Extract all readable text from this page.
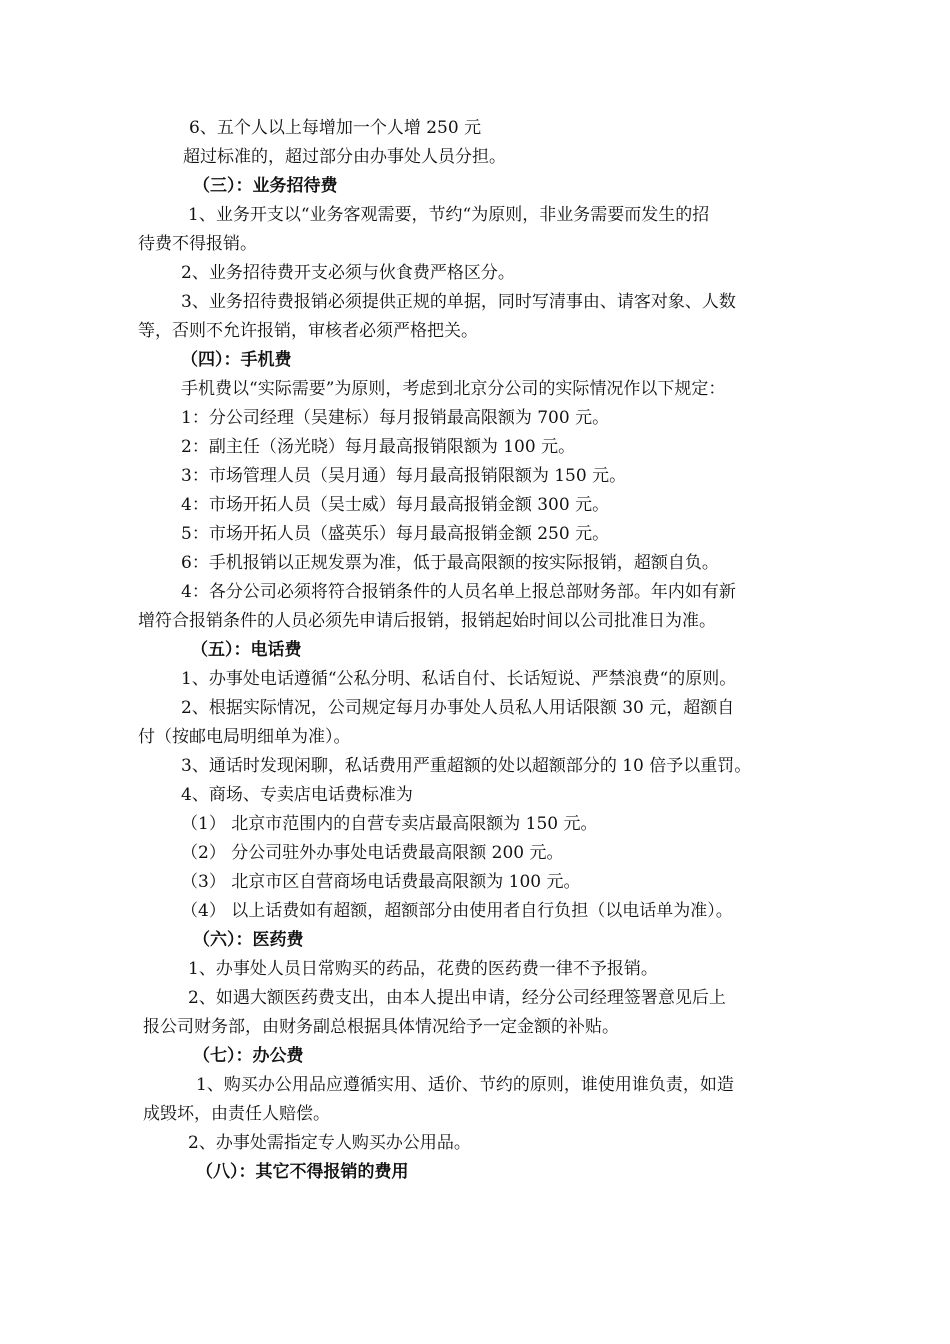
6、五个人以上每增加一个人增 250 元
超过标准的，超过部分由办事处人员分担。
（三）：业务招待费
1、业务开支以“业务客观需要，节约“为原则，非业务需要而发生的招
待费不得报销。
2、业务招待费开支必须与伙食费严格区分。
3、业务招待费报销必须提供正规的单据，同时写清事由、请客对象、人数
等，否则不允许报销，审核者必须严格把关。
（四）：手机费
手机费以“实际需要”为原则，考虑到北京分公司的实际情况作以下规定：
1：分公司经理（吴建标）每月报销最高限额为 700 元。
2：副主任（汤光晓）每月最高报销限额为 100 元。
3：市场管理人员（吴月通）每月最高报销限额为 150 元。
4：市场开拓人员（吴士威）每月最高报销金额 300 元。
5：市场开拓人员（盛英乐）每月最高报销金额 250 元。
6：手机报销以正规发票为准，低于最高限额的按实际报销，超额自负。
4：各分公司必须将符合报销条件的人员名单上报总部财务部。年内如有新
增符合报销条件的人员必须先申请后报销，报销起始时间以公司批准日为准。
（五）：电话费
1、办事处电话遵循“公私分明、私话自付、长话短说、严禁浪费“的原则。
2、根据实际情况，公司规定每月办事处人员私人用话限额 30 元，超额自
付（按邮电局明细单为准）。
3、通话时发现闲聊，私话费用严重超额的处以超额部分的 10 倍予以重罚。
4、商场、专卖店电话费标准为
（1） 北京市范围内的自营专卖店最高限额为 150 元。
（2） 分公司驻外办事处电话费最高限额 200 元。
（3） 北京市区自营商场电话费最高限额为 100 元。
（4） 以上话费如有超额，超额部分由使用者自行负担（以电话单为准）。
（六）：医药费
1、办事处人员日常购买的药品，花费的医药费一律不予报销。
2、如遇大额医药费支出，由本人提出申请，经分公司经理签署意见后上
报公司财务部，由财务副总根据具体情况给予一定金额的补贴。
（七）：办公费
1、购买办公用品应遵循实用、适价、节约的原则，谁使用谁负责，如造
成毁坏，由责任人赔偿。
2、办事处需指定专人购买办公用品。
（八）：其它不得报销的费用
